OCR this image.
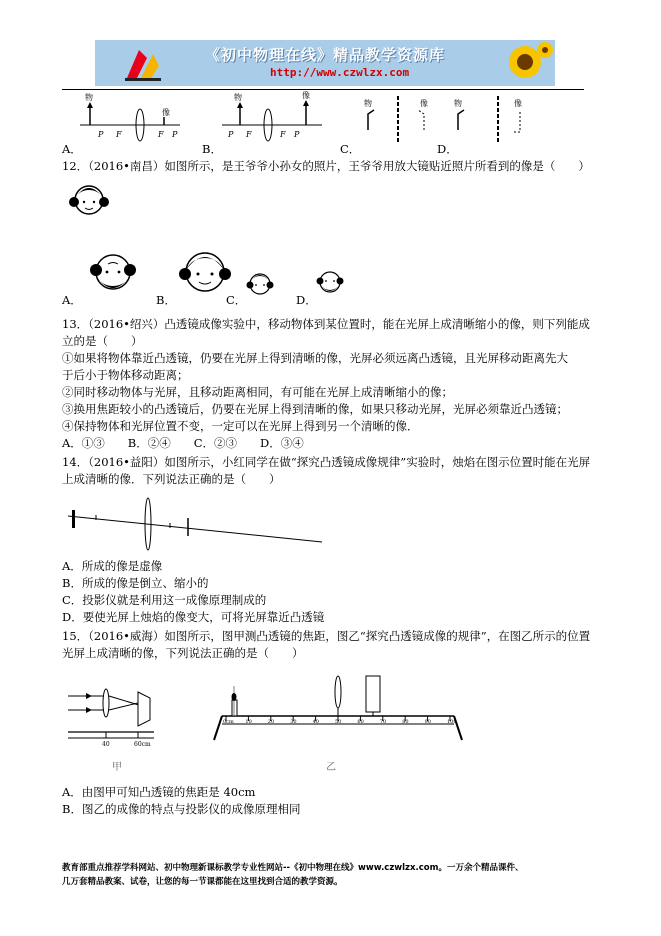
《初中物理在线》精品教学资源库
http://www.czwlzx.com
物
像
P F	F P
物	像
P F	F P
物	像	物	像
A．	B．	C．	D．
12．（2016•南昌）如图所示，是王爷爷小孙女的照片，王爷爷用放大镜贴近照片所看到的像是（　　）
A．	B．	C．	D．
13．（2016•绍兴）凸透镜成像实验中，移动物体到某位置时，能在光屏上成清晰缩小的像，则下列能成
立的是（　　）
①如果将物体靠近凸透镜，仍要在光屏上得到清晰的像，光屏必须远离凸透镜，且光屏移动距离先大
于后小于物体移动距离；
②同时移动物体与光屏，且移动距离相同，有可能在光屏上成清晰缩小的像；
③换用焦距较小的凸透镜后，仍要在光屏上得到清晰的像，如果只移动光屏，光屏必须靠近凸透镜；
④保持物体和光屏位置不变，一定可以在光屏上得到另一个清晰的像．
A．①③　　B．②④　　C．②③　　D．③④
14．（2016•益阳）如图所示，小红同学在做“探究凸透镜成像规律”实验时，烛焰在图示位置时能在光屏
上成清晰的像．下列说法正确的是（　　）
A．所成的像是虚像
B．所成的像是倒立、缩小的
C．投影仪就是利用这一成像原理制成的
D．要使光屏上烛焰的像变大，可将光屏靠近凸透镜
15．（2016•威海）如图所示，图甲测凸透镜的焦距，图乙“探究凸透镜成像的规律”，在图乙所示的位置
光屏上成清晰的像，下列说法正确的是（　　）
40	60cm
甲
0cm 10	20	30	40	50	60	70	80	90	100
乙
A．由图甲可知凸透镜的焦距是 40cm
B．图乙的成像的特点与投影仪的成像原理相同
教育部重点推荐学科网站、初中物理新课标教学专业性网站--《初中物理在线》www.czwlzx.com。一万余个精品课件、
几万套精品教案、试卷，让您的每一节课都能在这里找到合适的教学资源。
